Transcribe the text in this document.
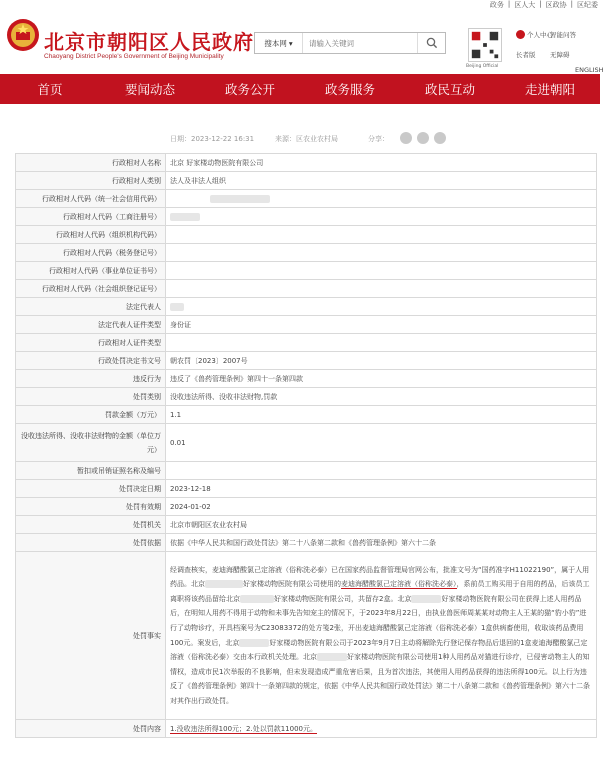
政务 | 区人大 | 区政协 | 区纪委
北京市朝阳区人民政府
Chaoyang District People's Government of Beijing Municipality
搜本网 ▾
请输入关键词
Beijing Official
个人中心
智能问答
长者版 无障碍
ENGLISH
首页	要闻动态	政务公开	政务服务	政民互动	走进朝阳
日期：2023-12-22 16:31	来源：区农业农村局	分享：
行政相对人名称	北京 好家楼动物医院有限公司
行政相对人类别	法人及非法人组织
行政相对人代码（统一社会信用代码）	
行政相对人代码（工商注册号）	
行政相对人代码（组织机构代码）	
行政相对人代码（税务登记号）	
行政相对人代码（事业单位证书号）	
行政相对人代码（社会组织登记证号）	
法定代表人	
法定代表人证件类型	身份证
行政相对人证件类型	
行政处罚决定书文号	朝农罚〔2023〕2007号
违反行为	违反了《兽药管理条例》第四十一条第四款
处罚类别	没收违法所得、没收非法财物,罚款
罚款金额（万元）	1.1
没收违法所得、没收非法财物的金额（单位万元）	0.01
暂扣或吊销证照名称及编号	
处罚决定日期	2023-12-18
处罚有效期	2024-01-02
处罚机关	北京市朝阳区农业农村局
处罚依据	依据《中华人民共和国行政处罚法》第二十八条第二款和《兽药管理条例》第六十二条
处罚事实	经调查核实，麦迪海醋酸氯己定溶液（俗称洗必泰）已在国家药品监督管理局官网公布，批准文号为“国药准字H11022190”，属于人用药品。北京 好家楼动物医院有限公司使用的麦迪海醋酸氯己定溶液（俗称洗必泰），系前员工购买用于自用的药品，后该员工离职将该药品留给北京 好家楼动物医院有限公司，共留存2盒。北京 好家楼动物医院有限公司在获得上述人用药品后，在明知人用药不得用于动物和未事先告知宠主的情况下，于2023年8月22日，由执业兽医师周某某对动物主人王某的猫“豹小豹”进行了动物诊疗，开具档案号为C23083372的处方笺2张，开出麦迪海醋酸氯己定溶液（俗称洗必泰）1盒供病畜使用，收取该药品费用100元。案发后，北京 好家楼动物医院有限公司于2023年9月7日主动将解除先行登记保存物品后退回的1盒麦迪海醋酸氯己定溶液（俗称洗必泰）交由本行政机关处理。北京 好家楼动物医院有限公司使用1种人用药品对猫进行诊疗，已侵害动物主人的知情权，造成市民1次举报的不良影响，但未发现造成严重危害后果，且为首次违法，其使用人用药品获得的违法所得100元。以上行为违反了《兽药管理条例》第四十一条第四款的规定，依据《中华人民共和国行政处罚法》第二十八条第二款和《兽药管理条例》第六十二条对其作出行政处罚。
处罚内容	1.没收违法所得100元；2.处以罚款11000元。
